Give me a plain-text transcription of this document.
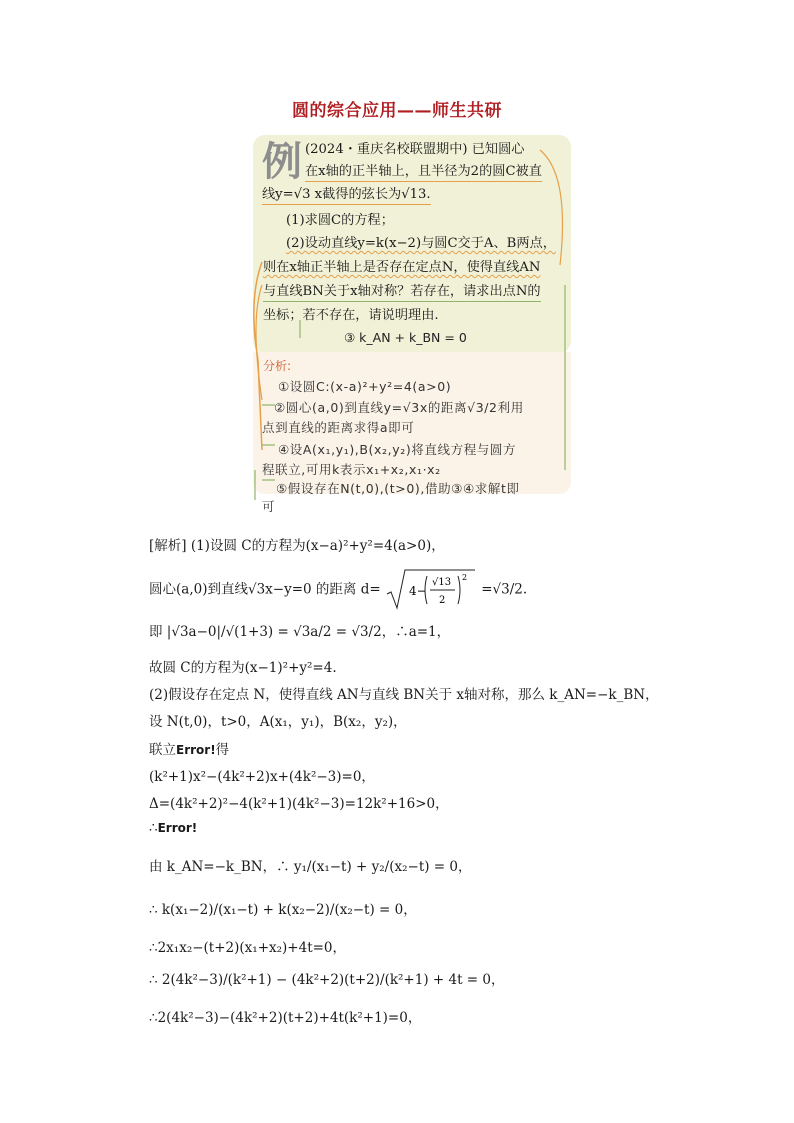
圆的综合应用——师生共研
例 (2024・重庆名校联盟期中) 已知圆心
在x轴的正半轴上，且半径为2的圆C被直
线y=√3 x截得的弦长为√13.
(1)求圆C的方程；
(2)设动直线y=k(x−2)与圆C交于A、B两点，
则在x轴正半轴上是否存在定点N，使得直线AN
与直线BN关于x轴对称？若存在，请求出点N的
坐标；若不存在，请说明理由.
③ k_AN + k_BN = 0
分析:
①设圆C:(x-a)²+y²=4(a>0)
②圆心(a,0)到直线y=√3x的距离√3/2利用
点到直线的距离求得a即可
④设A(x₁,y₁),B(x₂,y₂)将直线方程与圆方
程联立,可用k表示x₁+x₂,x₁·x₂
⑤假设存在N(t,0),(t>0),借助③④求解t即
可
[解析] (1)设圆 C的方程为(x−a)²+y²=4(a>0)，
圆心(a,0)到直线√3x−y=0 的距离 d= 4−
√13
2
2
=√3/2.
即 |√3a−0|/√(1+3) = √3a/2 = √3/2，∴a=1，
故圆 C的方程为(x−1)²+y²=4.
(2)假设存在定点 N，使得直线 AN与直线 BN关于 x轴对称，那么 k_AN=−k_BN，
设 N(t,0)，t>0，A(x₁，y₁)，B(x₂，y₂)，
联立Error!得
(k²+1)x²−(4k²+2)x+(4k²−3)=0，
Δ=(4k²+2)²−4(k²+1)(4k²−3)=12k²+16>0，
∴Error!
由 k_AN=−k_BN，∴ y₁/(x₁−t) + y₂/(x₂−t) = 0，
∴ k(x₁−2)/(x₁−t) + k(x₂−2)/(x₂−t) = 0，
∴2x₁x₂−(t+2)(x₁+x₂)+4t=0，
∴ 2(4k²−3)/(k²+1) − (4k²+2)(t+2)/(k²+1) + 4t = 0，
∴2(4k²−3)−(4k²+2)(t+2)+4t(k²+1)=0，
